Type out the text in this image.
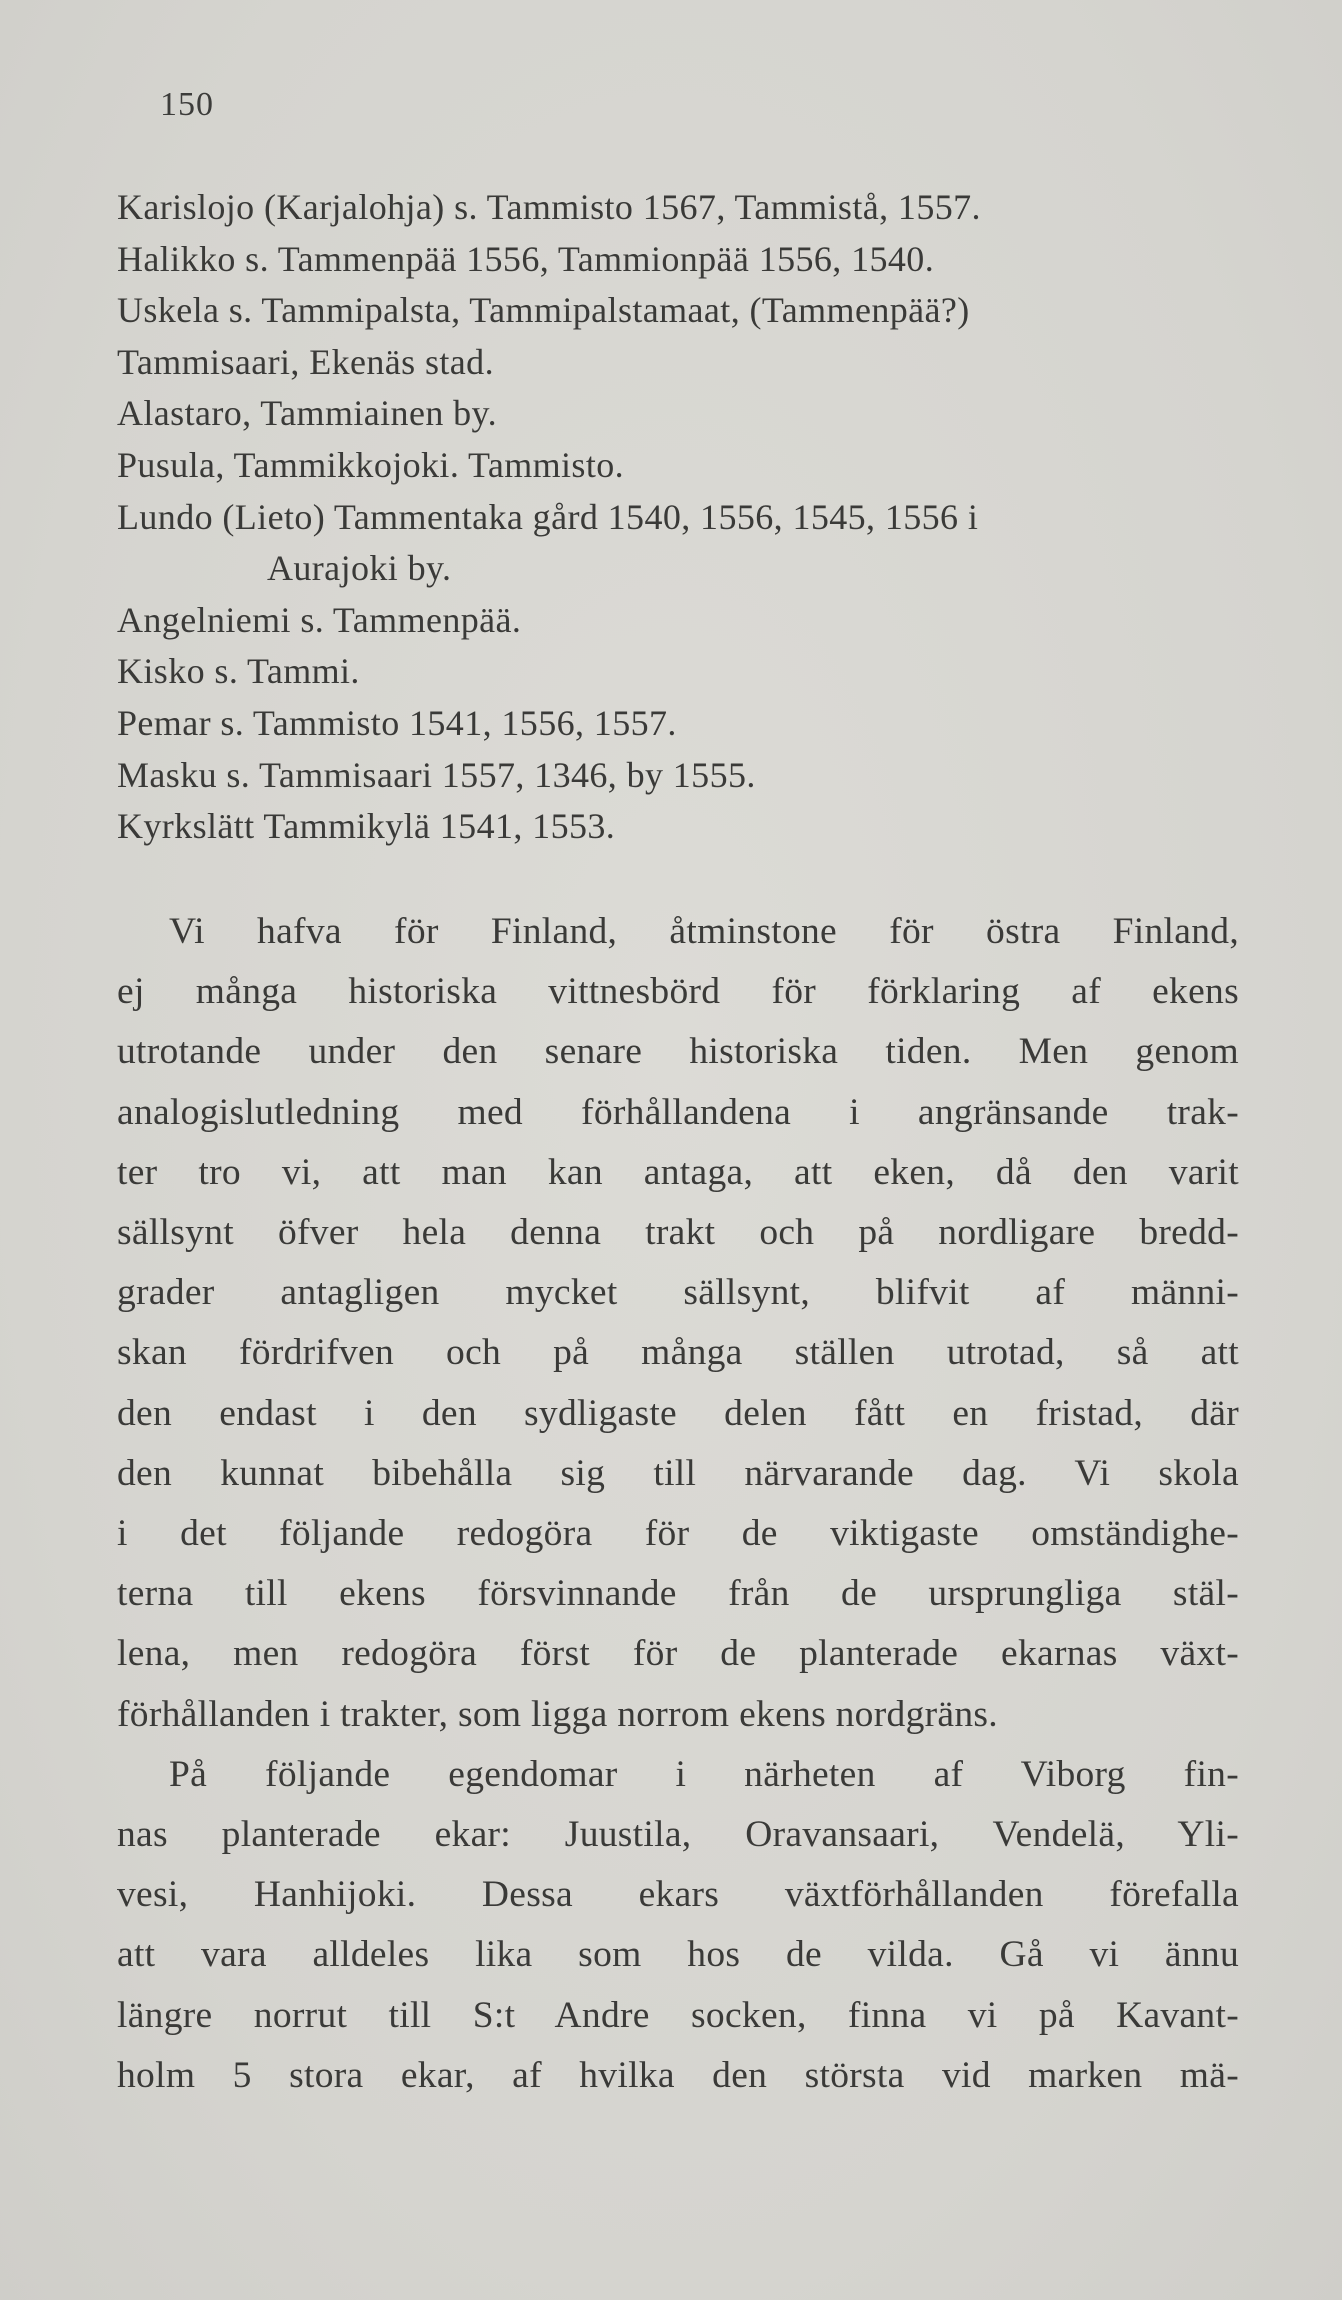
150
Karislojo (Karjalohja) s. Tammisto 1567, Tammistå, 1557.
Halikko s. Tammenpää 1556, Tammionpää 1556, 1540.
Uskela s. Tammipalsta, Tammipalstamaat, (Tammenpää?)
Tammisaari, Ekenäs stad.
Alastaro, Tammiainen by.
Pusula, Tammikkojoki. Tammisto.
Lundo (Lieto) Tammentaka gård 1540, 1556, 1545, 1556 i
Aurajoki by.
Angelniemi s. Tammenpää.
Kisko s. Tammi.
Pemar s. Tammisto 1541, 1556, 1557.
Masku s. Tammisaari 1557, 1346, by 1555.
Kyrkslätt Tammikylä 1541, 1553.
Vi hafva för Finland, åtminstone för östra Finland,
ej många historiska vittnesbörd för förklaring af ekens
utrotande under den senare historiska tiden. Men genom
analogislutledning med förhållandena i angränsande trak-
ter tro vi, att man kan antaga, att eken, då den varit
sällsynt öfver hela denna trakt och på nordligare bredd-
grader antagligen mycket sällsynt, blifvit af männi-
skan fördrifven och på många ställen utrotad, så att
den endast i den sydligaste delen fått en fristad, där
den kunnat bibehålla sig till närvarande dag. Vi skola
i det följande redogöra för de viktigaste omständighe-
terna till ekens försvinnande från de ursprungliga stäl-
lena, men redogöra först för de planterade ekarnas växt-
förhållanden i trakter, som ligga norrom ekens nordgräns.
På följande egendomar i närheten af Viborg fin-
nas planterade ekar: Juustila, Oravansaari, Vendelä, Yli-
vesi, Hanhijoki. Dessa ekars växtförhållanden förefalla
att vara alldeles lika som hos de vilda. Gå vi ännu
längre norrut till S:t Andre socken, finna vi på Kavant-
holm 5 stora ekar, af hvilka den största vid marken mä-
